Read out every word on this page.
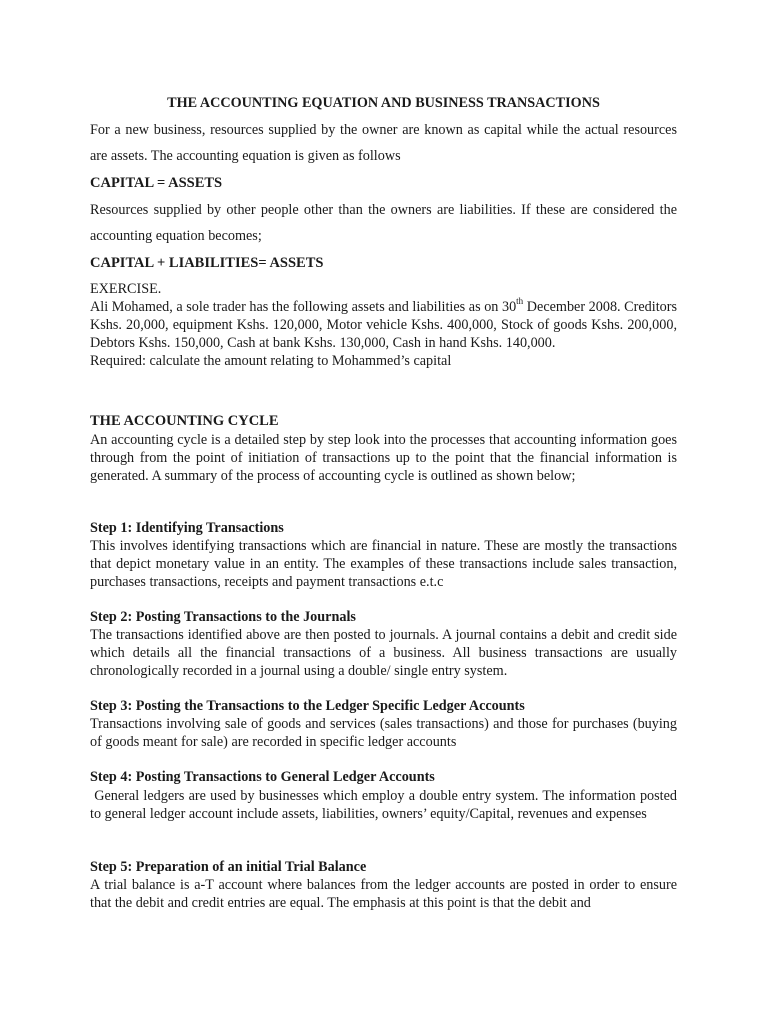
THE ACCOUNTING EQUATION AND BUSINESS TRANSACTIONS

For a new business, resources supplied by the owner are known as capital while the actual resources are assets. The accounting equation is given as follows

CAPITAL = ASSETS

Resources supplied by other people other than the owners are liabilities. If these are considered the accounting equation becomes;

CAPITAL + LIABILITIES= ASSETS

EXERCISE.

Ali Mohamed, a sole trader has the following assets and liabilities as on 30th December 2008. Creditors Kshs. 20,000, equipment Kshs. 120,000, Motor vehicle Kshs. 400,000, Stock of goods Kshs. 200,000, Debtors Kshs. 150,000, Cash at bank Kshs. 130,000, Cash in hand Kshs. 140,000.

Required: calculate the amount relating to Mohammed’s capital

THE ACCOUNTING CYCLE

An accounting cycle is a detailed step by step look into the processes that accounting information goes through from the point of initiation of transactions up to the point that the financial information is generated. A summary of the process of accounting cycle is outlined as shown below;

Step 1: Identifying Transactions

This involves identifying transactions which are financial in nature. These are mostly the transactions that depict monetary value in an entity. The examples of these transactions include sales transaction, purchases transactions, receipts and payment transactions e.t.c

Step 2: Posting Transactions to the Journals

The transactions identified above are then posted to journals. A journal contains a debit and credit side which details all the financial transactions of a business. All business transactions are usually chronologically recorded in a journal using a double/ single entry system.

Step 3: Posting the Transactions to the Ledger Specific Ledger Accounts

Transactions involving sale of goods and services (sales transactions) and those for purchases (buying of goods meant for sale) are recorded in specific ledger accounts

Step 4: Posting Transactions to General Ledger Accounts

General ledgers are used by businesses which employ a double entry system. The information posted to general ledger account include assets, liabilities, owners’ equity/Capital, revenues and expenses

Step 5: Preparation of an initial Trial Balance

A trial balance is a-T account where balances from the ledger accounts are posted in order to ensure that the debit and credit entries are equal. The emphasis at this point is that the debit and
